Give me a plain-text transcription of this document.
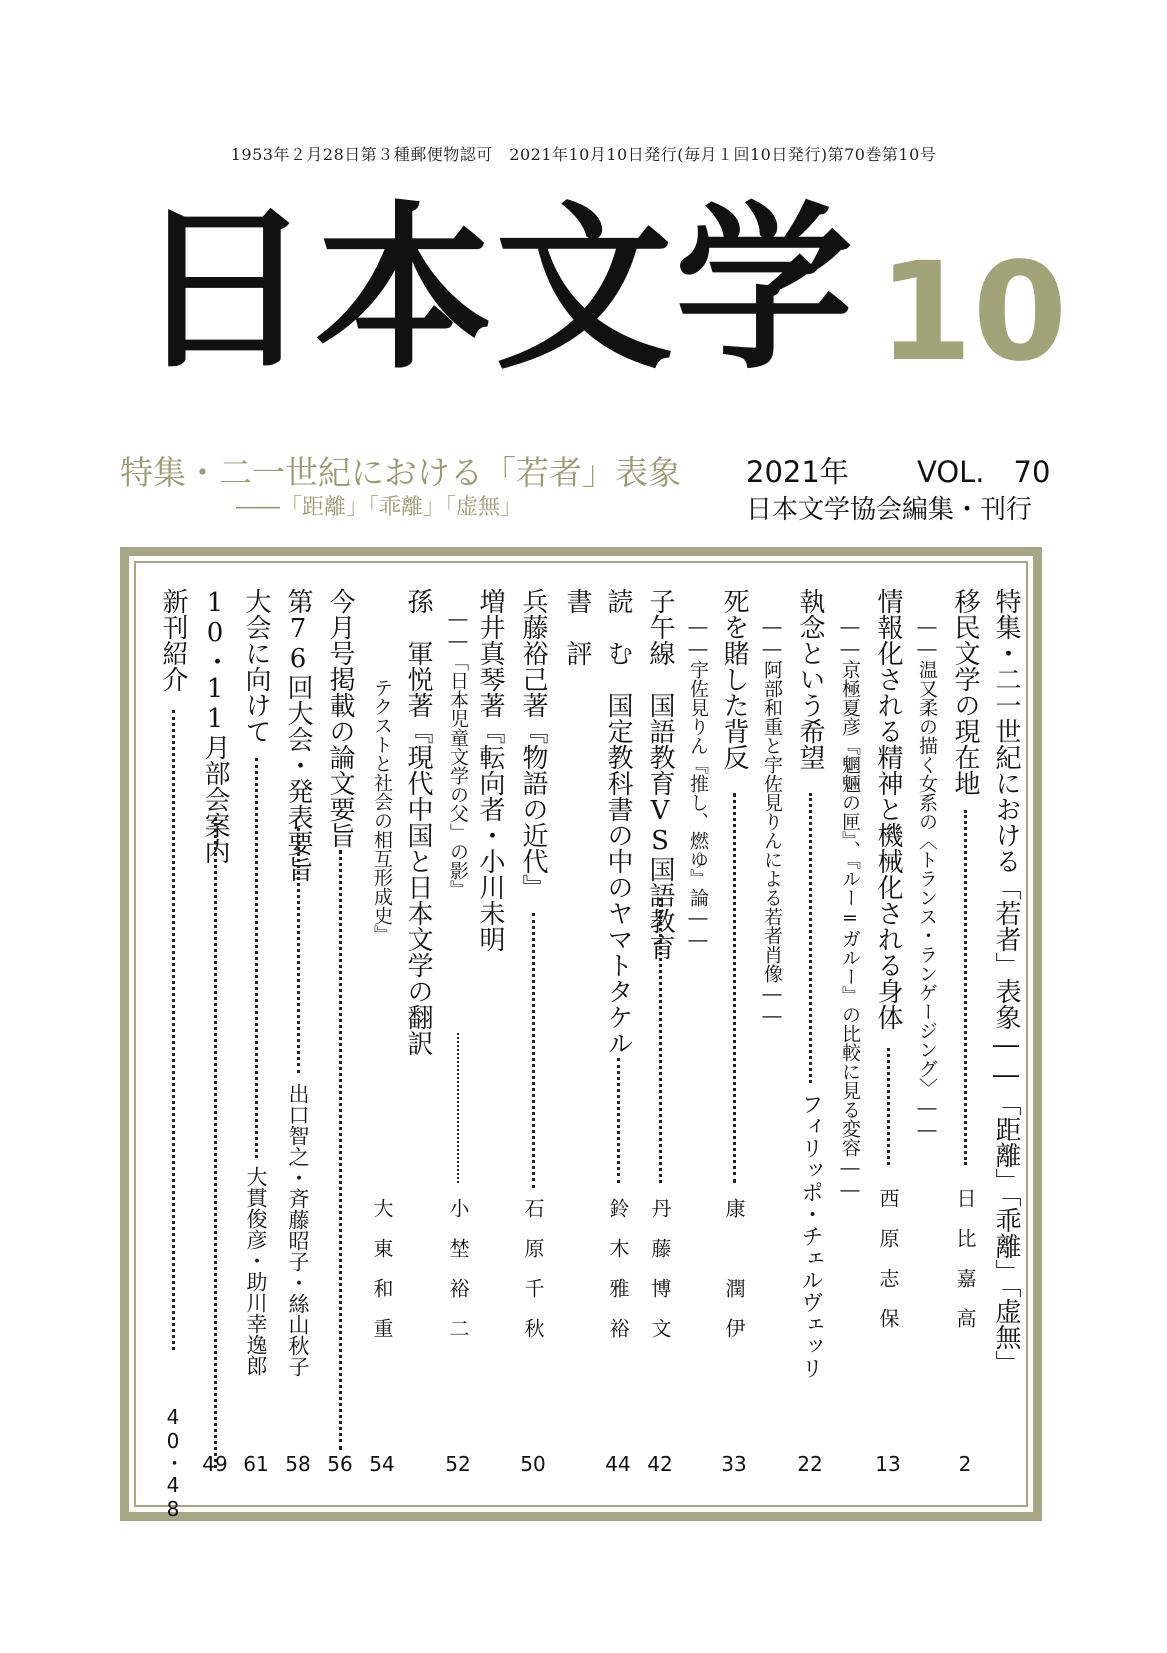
1953年２月28日第３種郵便物認可　2021年10月10日発行(毎月１回10日発行)第70巻第10号
日本文学 10
特集・二一世紀における「若者」表象
――「距離」「乖離」「虚無」
2021年 VOL.　70
日本文学協会編集・刊行
特集・二一世紀における「若者」表象――「距離」「乖離」「虚無」
移民文学の現在地
日　比　嘉　高
2
――温又柔の描く女系の〈トランス・ランゲージング〉――
情報化される精神と機械化される身体
西　原　志　保
13
――京極夏彦『魍魎の匣』、『ルー=ガルー』の比較に見る変容――
執念という希望
フィリッポ・チェルヴェッリ
22
――阿部和重と宇佐見りんによる若者肖像――
死を賭した背反
康　　　潤　伊
33
――宇佐見りん『推し、燃ゆ』論――
子午線　国語教育VS国語教育
丹　藤　博　文
42
読　む　国定教科書の中のヤマトタケル
鈴　木　雅　裕
44
書　評
兵藤裕己著『物語の近代』
石　原　千　秋
50
増井真琴著『転向者・小川未明
――「日本児童文学の父」の影』
小　埜　裕　二
52
孫　軍悦著『現代中国と日本文学の翻訳
テクストと社会の相互形成史』
大　東　和　重
54
今月号掲載の論文要旨
56
第76回大会・発表要旨
出口智之・斉藤昭子・絲山秋子
58
大会に向けて
大貫俊彦・助川幸逸郎
61
10・11月部会案内
49
新刊紹介
40・48
